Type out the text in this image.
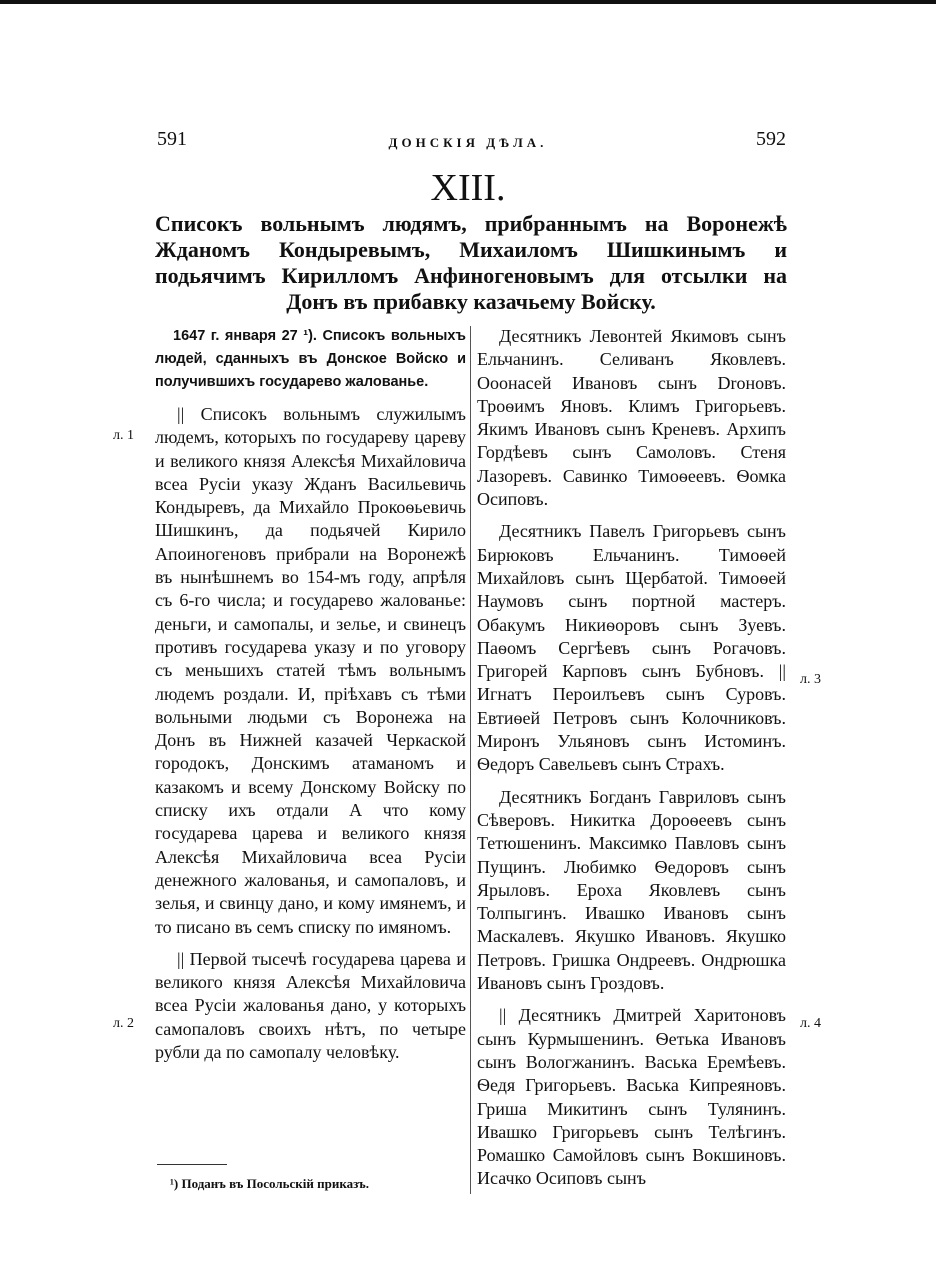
591	ДОНСКІЯ ДѢЛА.	592
XIII.
Списокъ вольнымъ людямъ, прибраннымъ на Воронежѣ Жданомъ Кондыревымъ, Михаиломъ Шишкинымъ и подьячимъ Кирилломъ Анфиногеновымъ для отсылки на Донъ въ прибавку казачьему Войску.

1647 г. января 27 ¹). Списокъ вольныхъ людей, сданныхъ въ Донское Войско и получившихъ государево жалованье.

|| Списокъ вольнымъ служилымъ людемъ, которыхъ по государеву цареву и великого князя Алексѣя Михайловича всеа Русіи указу Жданъ Васильевичь Кондыревъ, да Михайло Прокоѳьевичь Шишкинъ, да подьячей Кирило Апоиногеновъ прибрали на Воронежѣ въ нынѣшнемъ во 154-мъ году, апрѣля съ 6-го числа; и государево жалованье: деньги, и самопалы, и зелье, и свинецъ противъ государева указу и по уговору съ меньшихъ статей тѣмъ вольнымъ людемъ роздали. И, пріѣхавъ съ тѣми вольными людьми съ Воронежа на Донъ въ Нижней казачей Черкаской городокъ, Донскимъ атаманомъ и казакомъ и всему Донскому Войску по списку ихъ отдали А что кому государева царева и великого князя Алексѣя Михайловича всеа Русіи денежного жалованья, и самопаловъ, и зелья, и свинцу дано, и кому имянемъ, и то писано въ семъ списку по имяномъ.

|| Первой тысечѣ государева царева и великого князя Алексѣя Михайловича всеа Русіи жалованья дано, у которыхъ самопаловъ своихъ нѣтъ, по четыре рубли да по самопалу человѣку.

Десятникъ Левонтей Якимовъ сынъ Ельчанинъ. Селиванъ Яковлевъ. Ооонасей Ивановъ сынъ Droновъ. Троѳимъ Яновъ. Климъ Григорьевъ. Якимъ Ивановъ сынъ Креневъ. Архипъ Гордѣевъ сынъ Самоловъ. Стеня Лазоревъ. Савинко Тимоѳеевъ. Ѳомка Осиповъ.

Десятникъ Павелъ Григорьевъ сынъ Бирюковъ Ельчанинъ. Тимоѳей Михайловъ сынъ Щербатой. Тимоѳей Наумовъ сынъ портной мастеръ. Обакумъ Никиѳоровъ сынъ Зуевъ. Паѳомъ Сергѣевъ сынъ Рогачовъ. Григорей Карповъ сынъ Бубновъ. || Игнатъ Пероилъевъ сынъ Суровъ. Евтиѳей Петровъ сынъ Колочниковъ. Миронъ Ульяновъ сынъ Истоминъ. Ѳедоръ Савельевъ сынъ Страхъ.

Десятникъ Богданъ Гавриловъ сынъ Сѣверовъ. Никитка Дороѳеевъ сынъ Тетюшенинъ. Максимко Павловъ сынъ Пущинъ. Любимко Ѳедоровъ сынъ Ярыловъ. Ероха Яковлевъ сынъ Толпыгинъ. Ивашко Ивановъ сынъ Маскалевъ. Якушко Ивановъ. Якушко Петровъ. Гришка Ондреевъ. Ондрюшка Ивановъ сынъ Гроздовъ.

|| Десятникъ Дмитрей Харитоновъ сынъ Курмышенинъ. Ѳетька Ивановъ сынъ Вологжанинъ. Васька Еремѣевъ. Ѳедя Григорьевъ. Васька Кипреяновъ. Гриша Микитинъ сынъ Тулянинъ. Ивашко Григорьевъ сынъ Телѣгинъ. Ромашко Самойловъ сынъ Вокшиновъ. Исачко Осиповъ сынъ

л. 1
л. 2
л. 3
л. 4
¹) Поданъ въ Посольскій приказъ.
